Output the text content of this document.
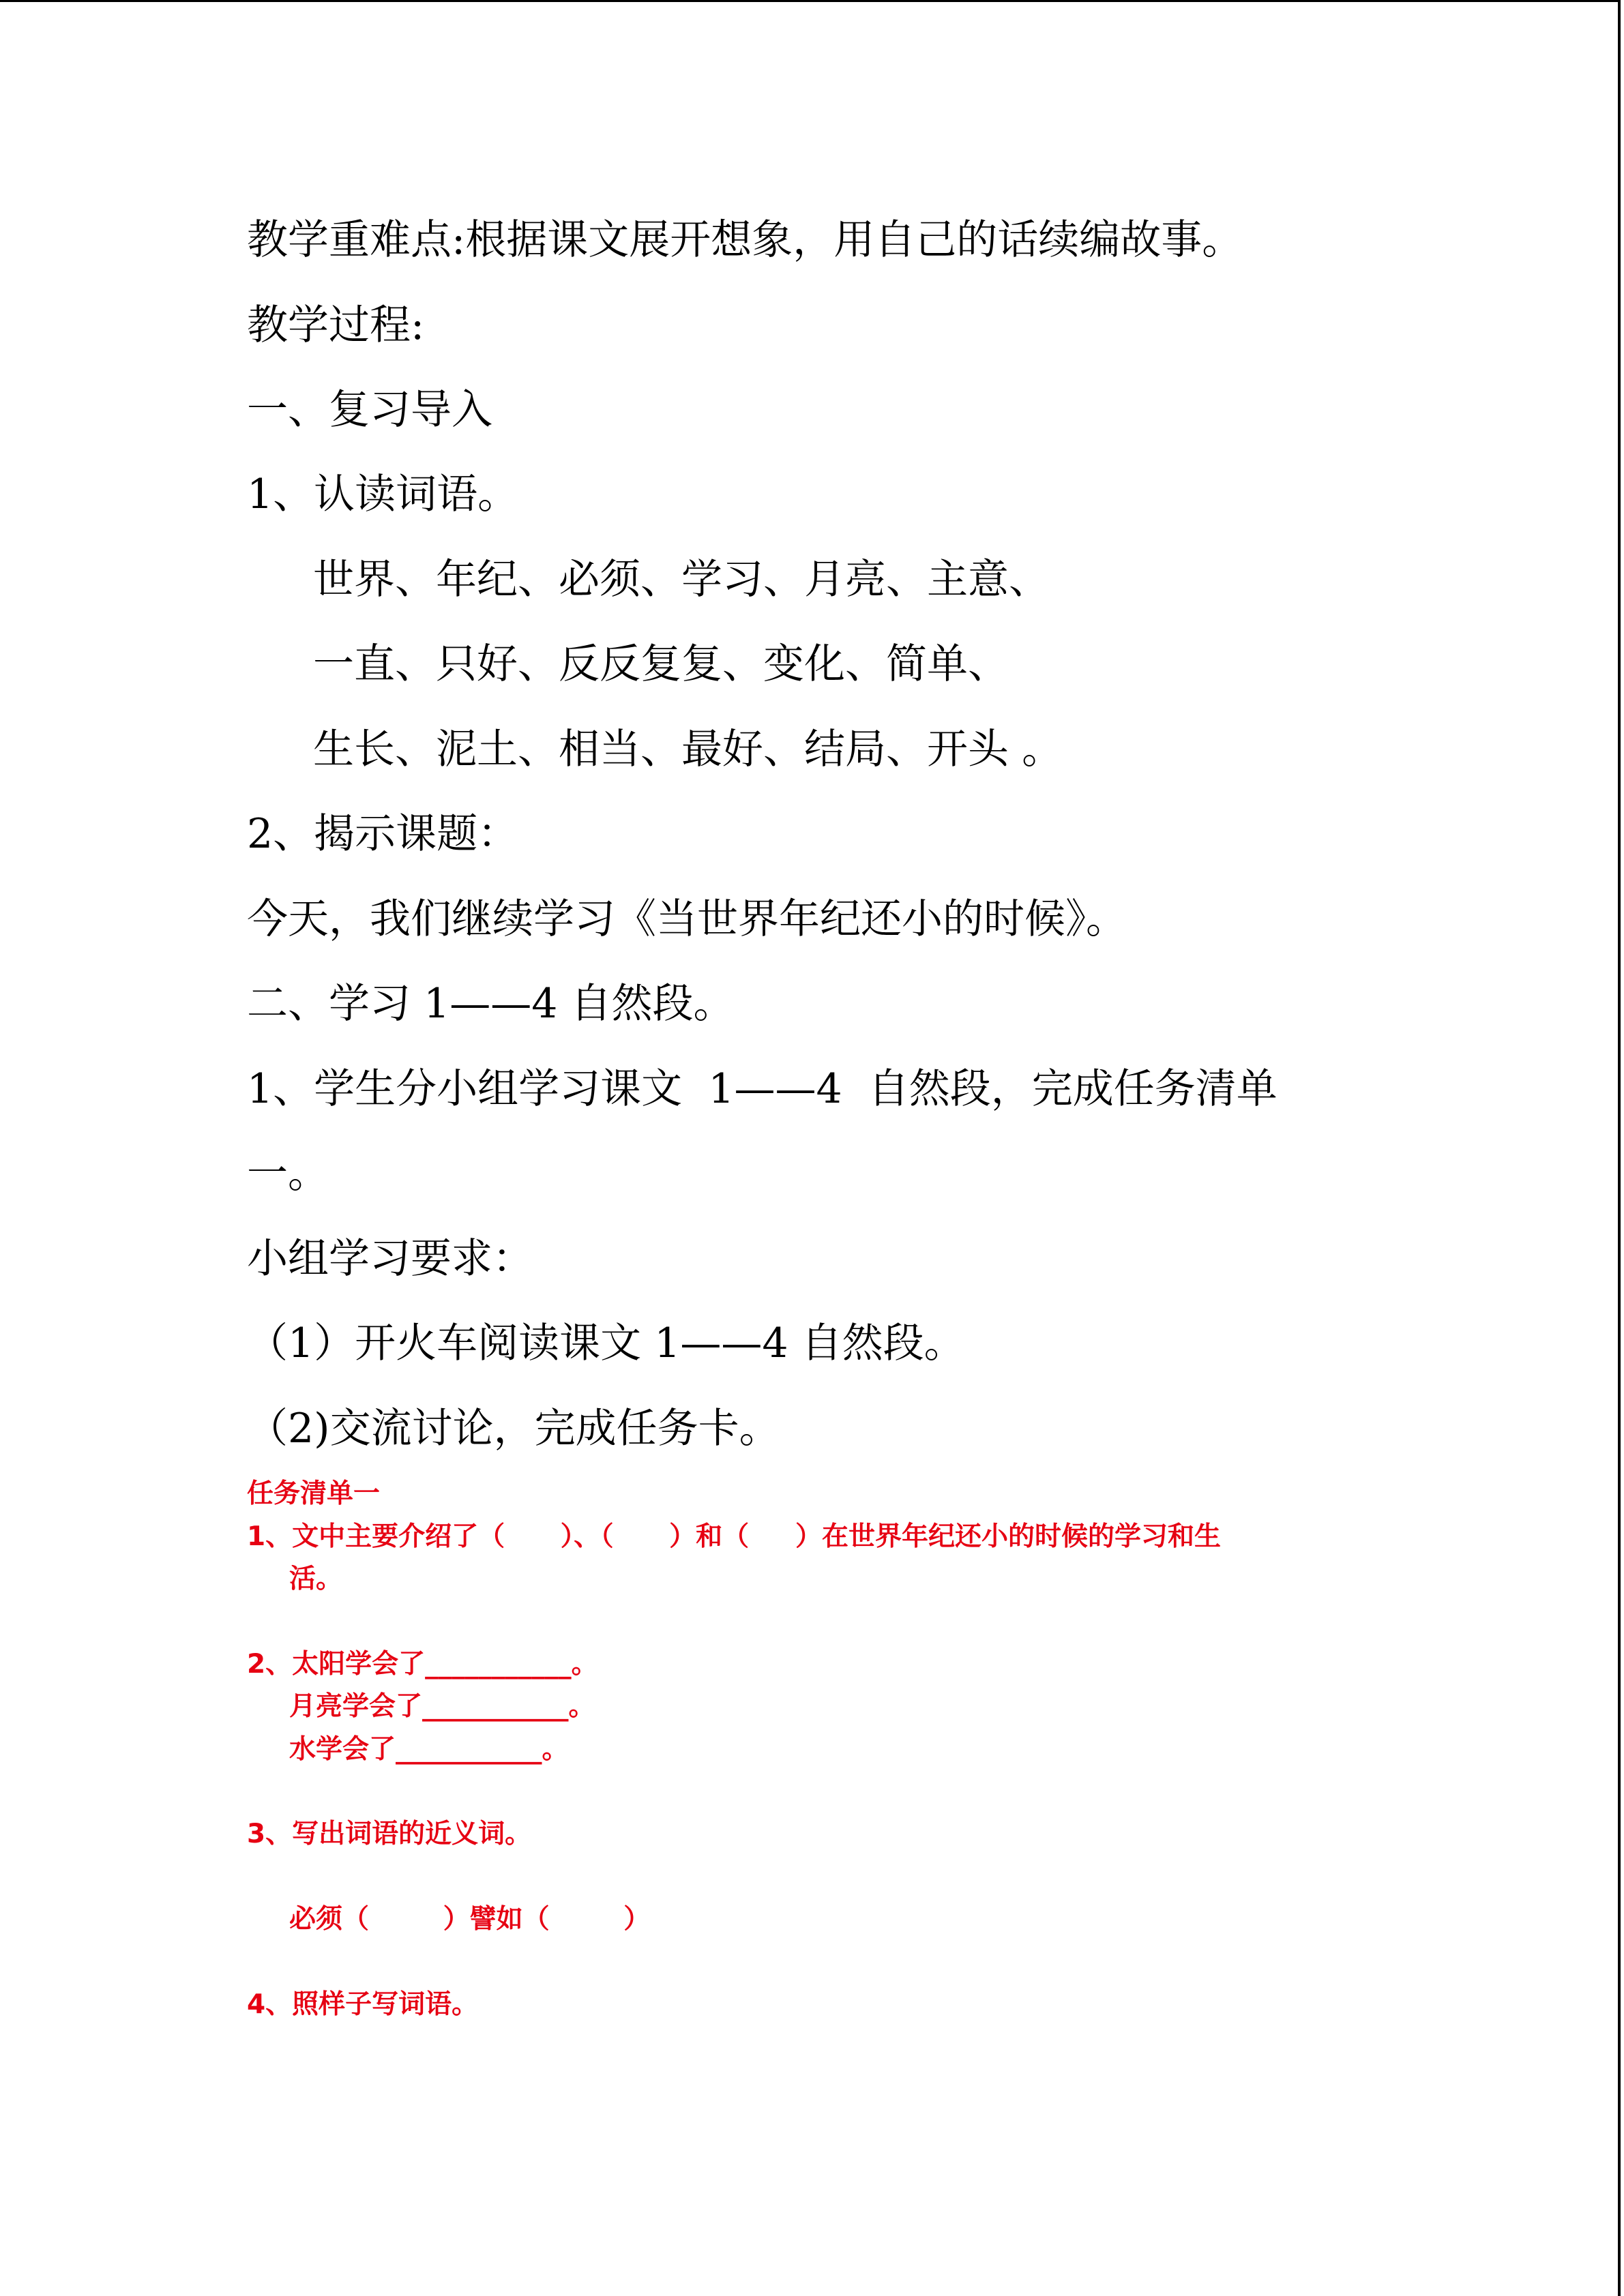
教学重难点:根据课文展开想象，用自己的话续编故事。
教学过程:
一、复习导入
1、认读词语。
世界、年纪、必须、学习、月亮、主意、
一直、只好、反反复复、变化、简单、
生长、泥土、相当、最好、结局、开头 。
2、揭示课题：
今天，我们继续学习《当世界年纪还小的时候》。
二、学习 1——4 自然段。
1、学生分小组学习课文  1——4  自然段，完成任务清单
一。
小组学习要求：
（1）开火车阅读课文 1——4 自然段。
（2)交流讨论，完成任务卡。
任务清单一
1、文中主要介绍了（      ）、（      ）和（     ）在世界年纪还小的时候的学习和生
活。
2、太阳学会了___________。
月亮学会了___________。
水学会了___________。
3、写出词语的近义词。
必须（        ）譬如（        ）
4、照样子写词语。
